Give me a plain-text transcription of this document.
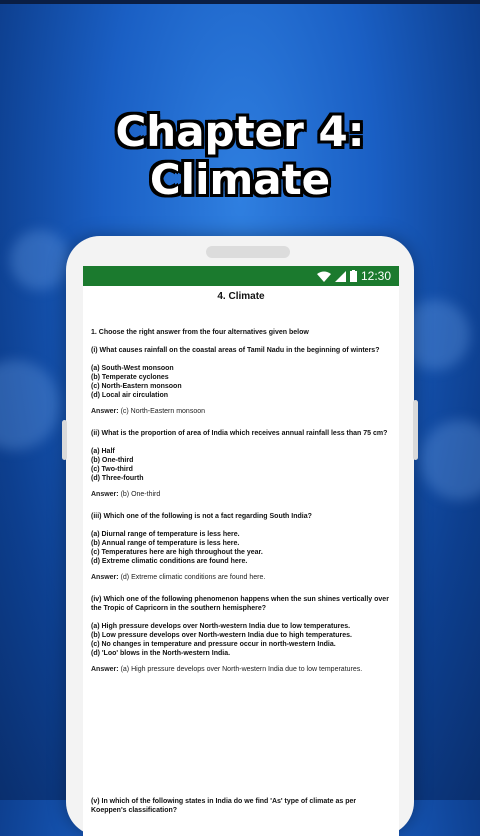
Chapter 4:
Climate
12:30
4. Climate
1. Choose the right answer from the four alternatives given below
(i) What causes rainfall on the coastal areas of Tamil Nadu in the beginning of winters?
(a) South-West monsoon
(b) Temperate cyclones
(c) North-Eastern monsoon
(d) Local air circulation
Answer: (c) North-Eastern monsoon
(ii) What is the proportion of area of India which receives annual rainfall less than 75 cm?
(a) Half
(b) One-third
(c) Two-third
(d) Three-fourth
Answer: (b) One-third
(iii) Which one of the following is not a fact regarding South India?
(a) Diurnal range of temperature is less here.
(b) Annual range of temperature is less here.
(c) Temperatures here are high throughout the year.
(d) Extreme climatic conditions are found here.
Answer: (d) Extreme climatic conditions are found here.
(iv) Which one of the following phenomenon happens when the sun shines vertically over the Tropic of Capricorn in the southern hemisphere?
(a) High pressure develops over North-western India due to low temperatures.
(b) Low pressure develops over North-western India due to high temperatures.
(c) No changes in temperature and pressure occur in north-western India.
(d) 'Loo' blows in the North-western India.
Answer: (a) High pressure develops over North-western India due to low temperatures.
(v) In which of the following states in India do we find 'As' type of climate as per Koeppen's classification?
